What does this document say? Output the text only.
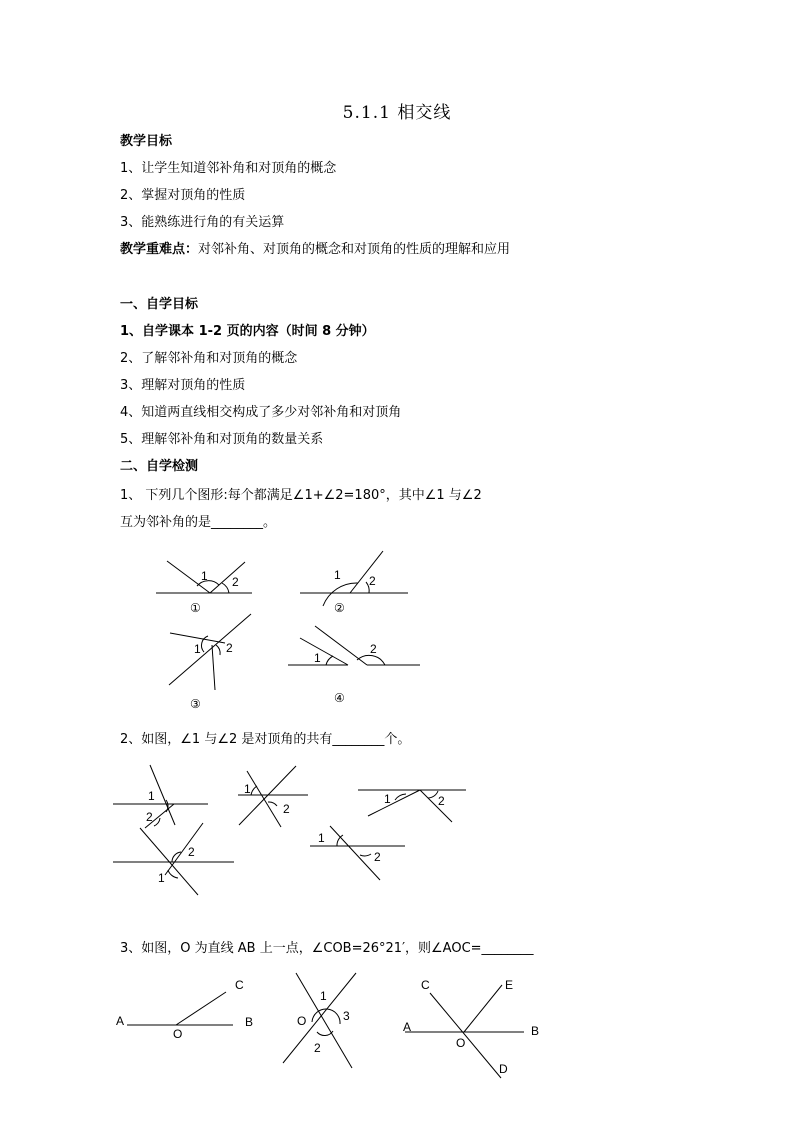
5.1.1 相交线
教学目标
1、让学生知道邻补角和对顶角的概念
2、掌握对顶角的性质
3、能熟练进行角的有关运算
教学重难点：对邻补角、对顶角的概念和对顶角的性质的理解和应用
一、自学目标
1、自学课本 1-2 页的内容（时间 8 分钟）
2、了解邻补角和对顶角的概念
3、理解对顶角的性质
4、知道两直线相交构成了多少对邻补角和对顶角
5、理解邻补角和对顶角的数量关系
二、自学检测
1、 下列几个图形:每个都满足∠1+∠2=180°，其中∠1 与∠2
互为邻补角的是________。
2、如图，∠1 与∠2 是对顶角的共有________个。
3、如图，O 为直线 AB 上一点，∠COB=26°21′，则∠AOC=________
1 2
①
1 2
②
1 2
③
1
2
④
1
2
1
2
1	2
2
1
1
2
A
O
B
C
1
O	3
2
C	E
A	B
O
D
